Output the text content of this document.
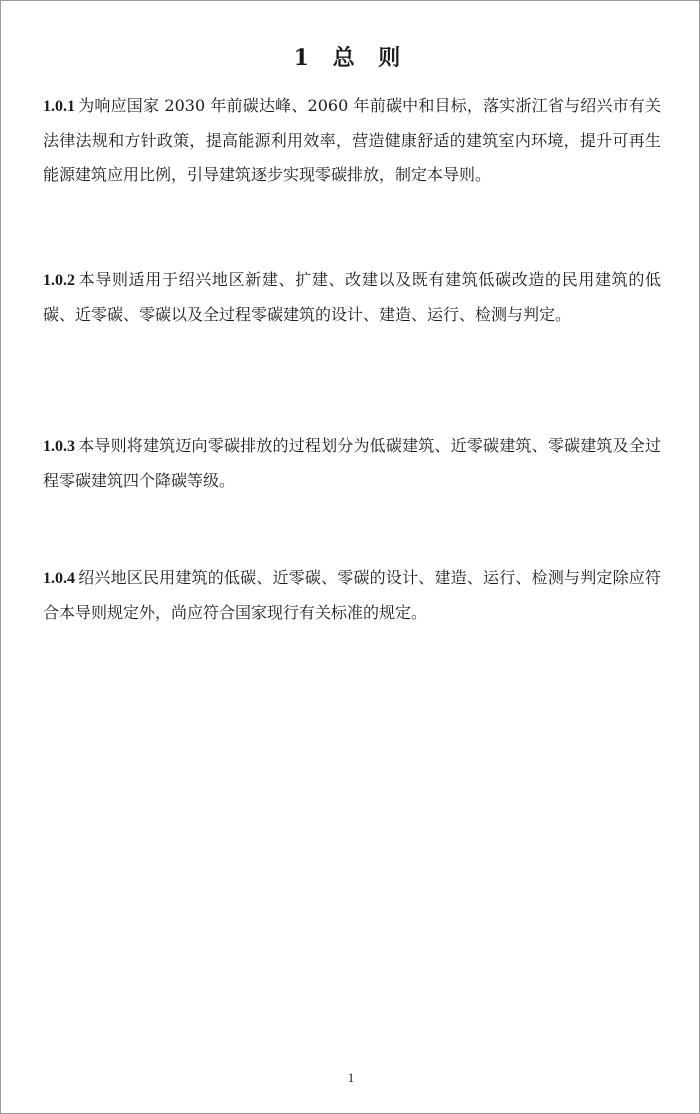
1 总 则
1.0.1 为响应国家 2030 年前碳达峰、2060 年前碳中和目标，落实浙江省与绍兴市有关法律法规和方针政策，提高能源利用效率，营造健康舒适的建筑室内环境，提升可再生能源建筑应用比例，引导建筑逐步实现零碳排放，制定本导则。
1.0.2 本导则适用于绍兴地区新建、扩建、改建以及既有建筑低碳改造的民用建筑的低碳、近零碳、零碳以及全过程零碳建筑的设计、建造、运行、检测与判定。
1.0.3 本导则将建筑迈向零碳排放的过程划分为低碳建筑、近零碳建筑、零碳建筑及全过程零碳建筑四个降碳等级。
1.0.4 绍兴地区民用建筑的低碳、近零碳、零碳的设计、建造、运行、检测与判定除应符合本导则规定外，尚应符合国家现行有关标准的规定。
1
